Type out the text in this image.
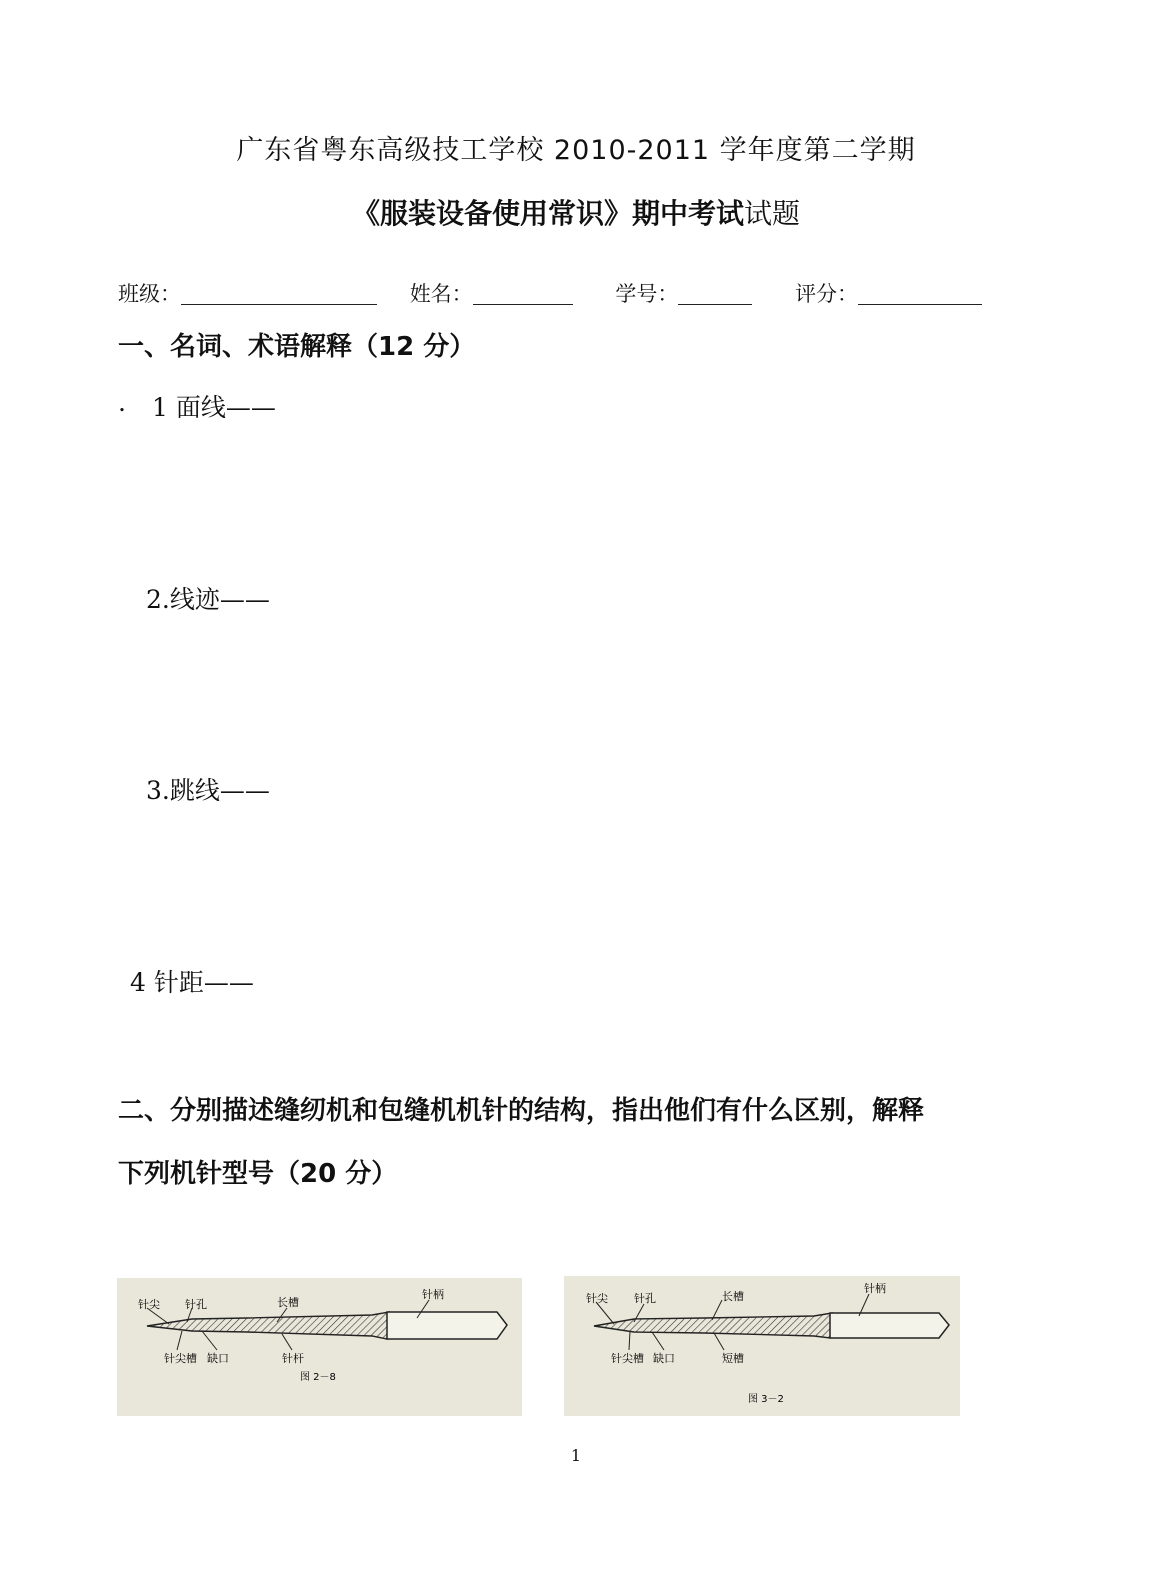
广东省粤东高级技工学校 2010-2011 学年度第二学期
《服装设备使用常识》期中考试试题
班级：	姓名：	学号：	评分：
一、名词、术语解释（12 分）
. 1 面线——
2.线迹——
3.跳线——
4 针距——
二、分别描述缝纫机和包缝机机针的结构，指出他们有什么区别，解释
下列机针型号（20 分）
针尖 针孔	长槽
针柄
针尖槽 缺口	针杆
图 2－8
针尖 针孔	长槽
针柄
针尖槽 缺口	短槽
图 3－2
1
